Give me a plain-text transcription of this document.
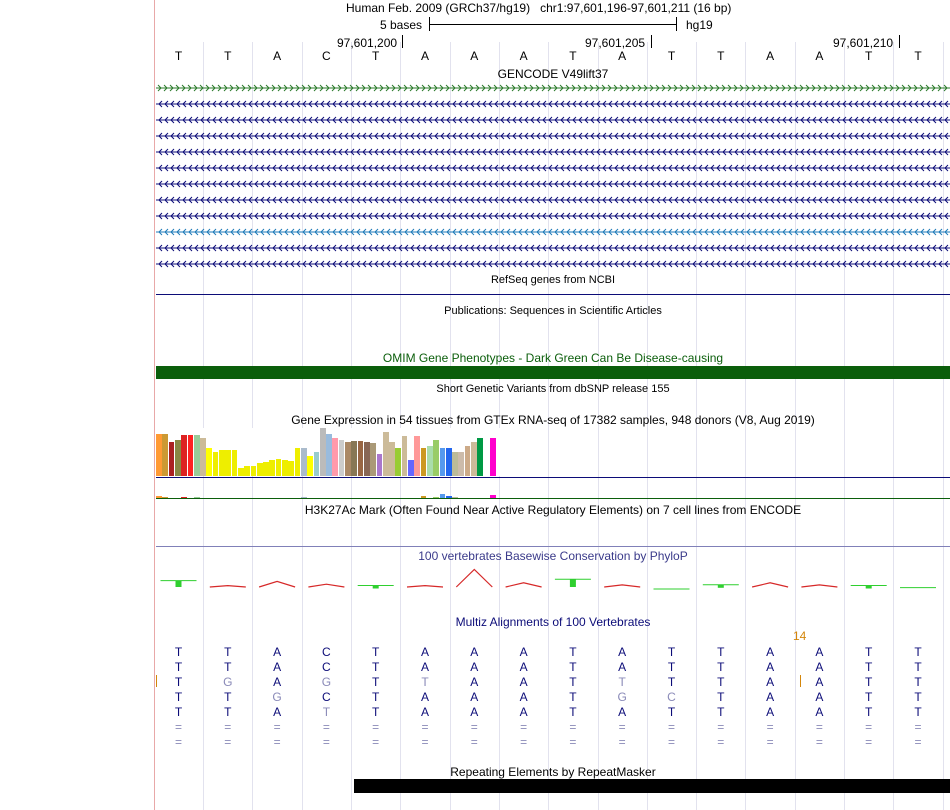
Human Feb. 2009 (GRCh37/hg19) chr1:97,601,196-97,601,211 (16 bp)
5 bases	hg19
97,601,200	97,601,205	97,601,210
T	T	A	C	T	A	A	A	T	A	T	T	A	A	T	T
GENCODE V49lift37
RefSeq genes from NCBI
Publications: Sequences in Scientific Articles
OMIM Gene Phenotypes - Dark Green Can Be Disease-causing
Short Genetic Variants from dbSNP release 155
Gene Expression in 54 tissues from GTEx RNA-seq of 17382 samples, 948 donors (V8, Aug 2019)
H3K27Ac Mark (Often Found Near Active Regulatory Elements) on 7 cell lines from ENCODE
100 vertebrates Basewise Conservation by PhyloP
Multiz Alignments of 100 Vertebrates
14
T	T	A	C	T	A	A	A	T	A	T	T	A	A	T	T
T	T	A	C	T	A	A	A	T	A	T	T	A	A	T	T
T	G	A	G	T	T	A	A	T	T	T	T	A	A	T	T
T	T	G	C	T	A	A	A	T	G	C	T	A	A	T	T
T	T	A	T	T	A	A	A	T	A	T	T	A	A	T	T
=	=	=	=	=	=	=	=	=	=	=	=	=	=	=	=
=	=	=	=	=	=	=	=	=	=	=	=	=	=	=	=
Repeating Elements by RepeatMasker
